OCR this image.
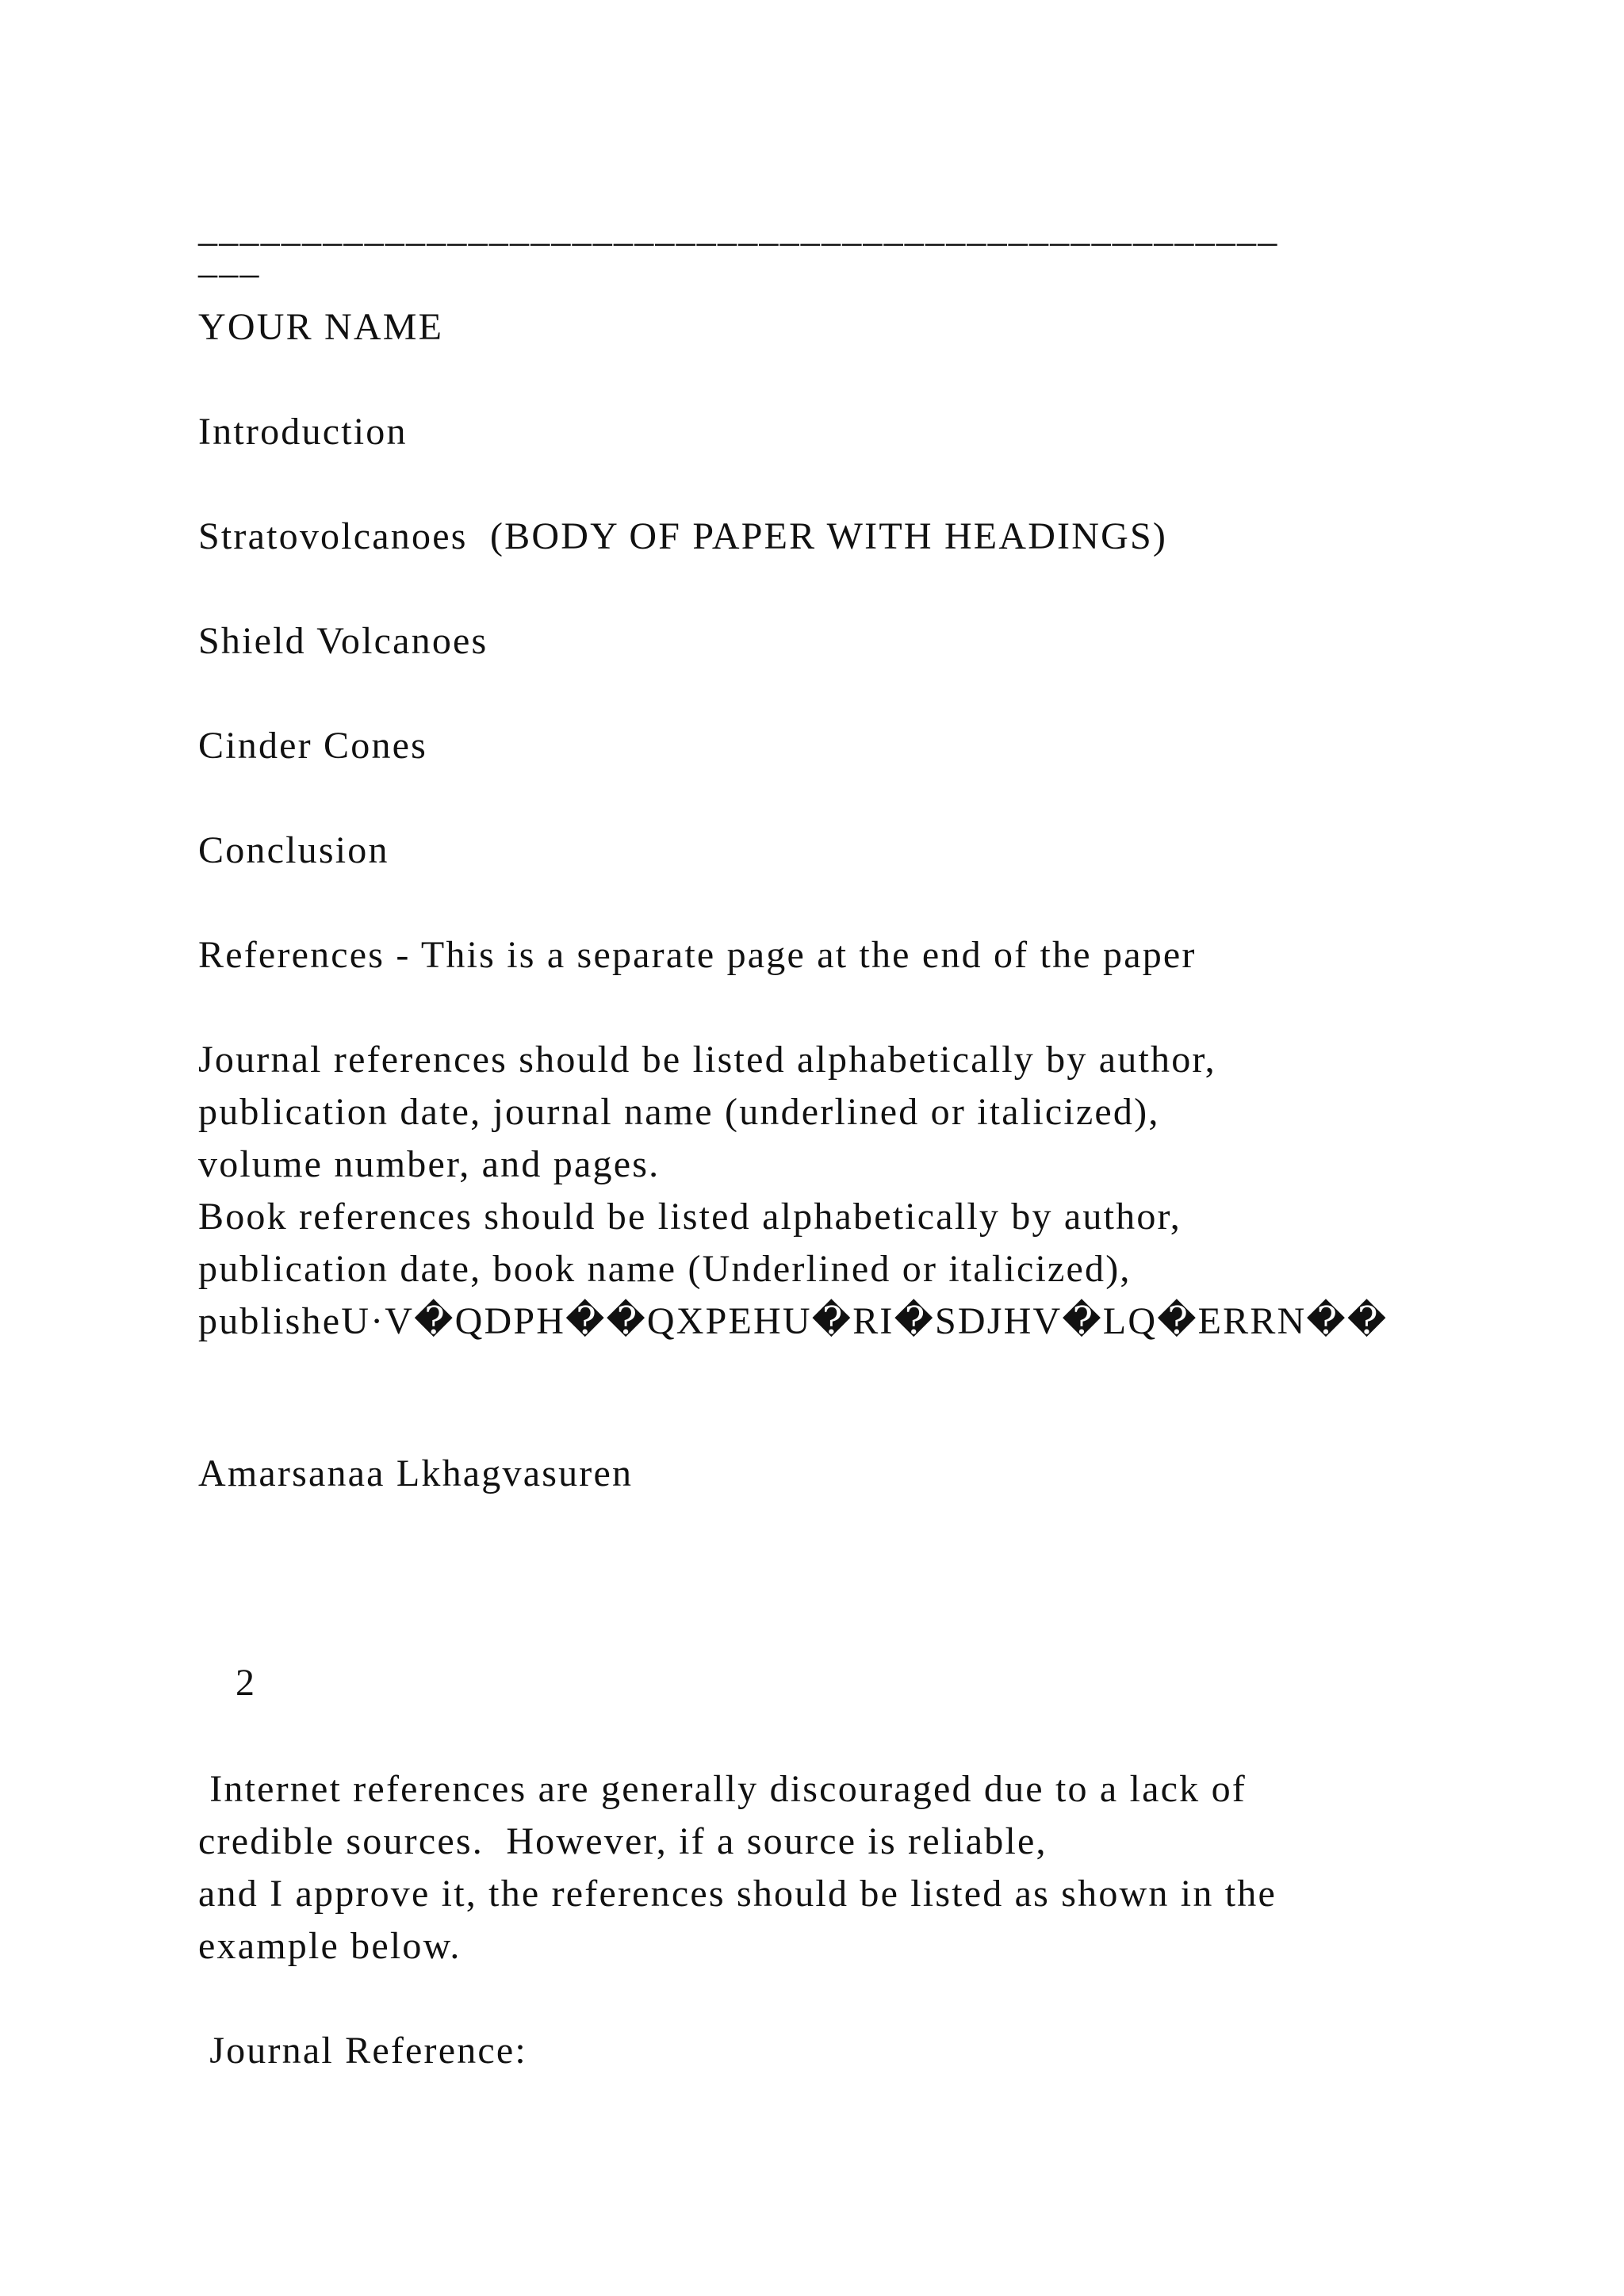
____________________________________________________
___
YOUR NAME
Introduction
Stratovolcanoes  (BODY OF PAPER WITH HEADINGS)
Shield Volcanoes
Cinder Cones
Conclusion
References - This is a separate page at the end of the paper
Journal references should be listed alphabetically by author,
publication date, journal name (underlined or italicized),
volume number, and pages.
Book references should be listed alphabetically by author,
publication date, book name (Underlined or italicized),
publisheU·V�QDPH��QXPEHU�RI�SDJHV�LQ�ERRN��
Amarsanaa Lkhagvasuren
2
Internet references are generally discouraged due to a lack of
credible sources.  However, if a source is reliable,
and I approve it, the references should be listed as shown in the
example below.
Journal Reference:
